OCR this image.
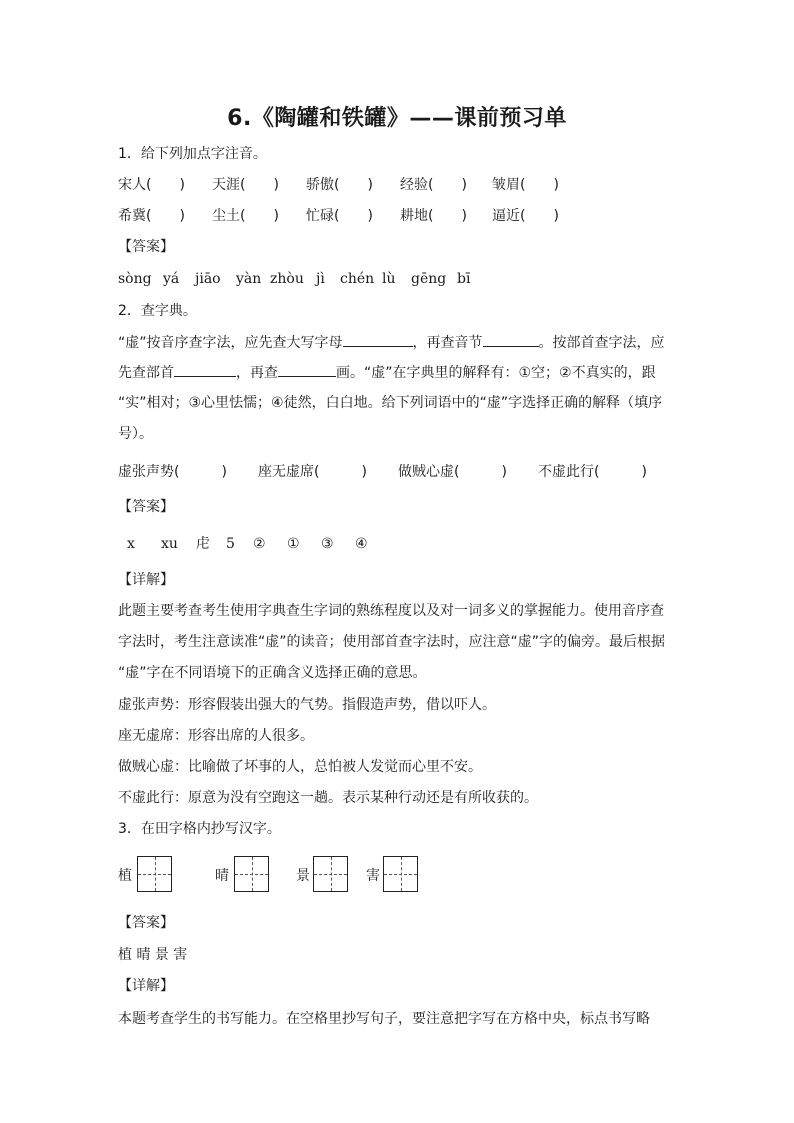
6.《陶罐和铁罐》——课前预习单
1．给下列加点字注音。
宋人(　　) 天涯(　　) 骄傲(　　) 经验(　　) 皱眉(　　)
希冀(　　) 尘土(　　) 忙碌(　　) 耕地(　　) 逼近(　　)
【答案】
sòng yá jiāo yàn zhòu jì chén lù gēng bī
2．查字典。
“虚”按音序查字法，应先查大写字母	，再查音节	。按部首查字法，应
先查部首	，再查	画。“虚”在字典里的解释有：①空；②不真实的，跟
“实”相对；③心里怯懦；④徒然，白白地。给下列词语中的“虚”字选择正确的解释（填序
号）。
虚张声势(　　　) 座无虚席(　　　) 做贼心虚(　　　) 不虚此行(　　　)
【答案】
x xu 虍 5 ② ① ③ ④
【详解】
此题主要考查考生使用字典查生字词的熟练程度以及对一词多义的掌握能力。使用音序查
字法时，考生注意读准“虚”的读音；使用部首查字法时，应注意“虚”字的偏旁。最后根据
“虚”字在不同语境下的正确含义选择正确的意思。
虚张声势：形容假装出强大的气势。指假造声势，借以吓人。
座无虚席：形容出席的人很多。
做贼心虚：比喻做了坏事的人，总怕被人发觉而心里不安。
不虚此行：原意为没有空跑这一趟。表示某种行动还是有所收获的。
3．在田字格内抄写汉字。
植	晴	景	害
【答案】
植 晴 景 害
【详解】
本题考查学生的书写能力。在空格里抄写句子，要注意把字写在方格中央，标点书写略
